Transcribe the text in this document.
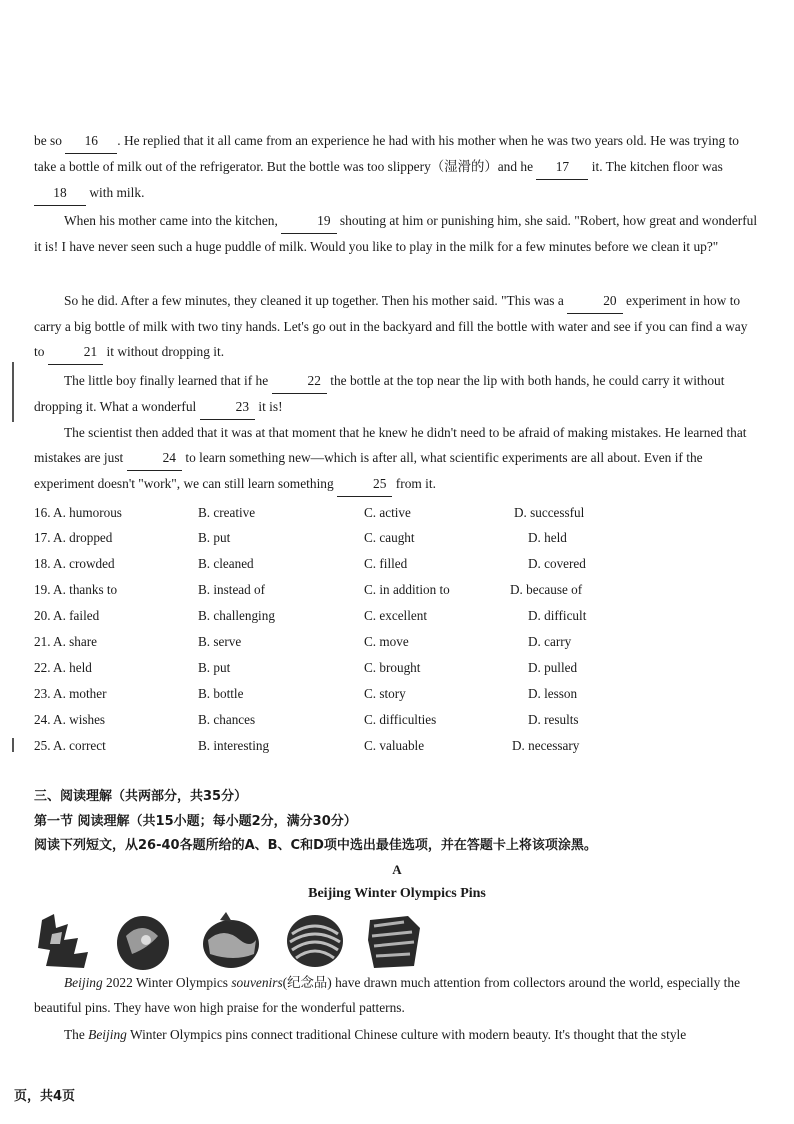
be so 16 . He replied that it all came from an experience he had with his mother when he was two years old. He was trying to take a bottle of milk out of the refrigerator. But the bottle was too slippery（湿滑的）and he 17 it. The kitchen floor was 18 with milk.

When his mother came into the kitchen,	19 shouting at him or punishing him, she said. "Robert, how great and wonderful it is! I have never seen such a huge puddle of milk. Would you like to play in the milk for a few minutes before we clean it up?"

So he did. After a few minutes, they cleaned it up together. Then his mother said. "This was a	20 experiment in how to carry a big bottle of milk with two tiny hands. Let's go out in the backyard and fill the bottle with water and see if you can find a way to	21 it without dropping it.

The little boy finally learned that if he	22 the bottle at the top near the lip with both hands, he could carry it without dropping it. What a wonderful	23 it is!

The scientist then added that it was at that moment that he knew he didn't need to be afraid of making mistakes. He learned that mistakes are just	24 to learn something new—which is after all, what scientific experiments are all about. Even if the experiment doesn't "work", we can still learn something	25 from it.

16. A. humorous	B. creative	C. active	D. successful
17. A. dropped	B. put	C. caught	D. held
18. A. crowded	B. cleaned	C. filled	D. covered
19. A. thanks to	B. instead of	C. in addition to	D. because of
20. A. failed	B. challenging	C. excellent	D. difficult
21. A. share	B. serve	C. move	D. carry
22. A. held	B. put	C. brought	D. pulled
23. A. mother	B. bottle	C. story	D. lesson
24. A. wishes	B. chances	C. difficulties	D. results
25. A. correct	B. interesting	C. valuable	D. necessary
三、阅读理解（共两部分，共35分）
第一节 阅读理解（共15小题；每小题2分，满分30分）
阅读下列短文，从26-40各题所给的A、B、C和D项中选出最佳选项，并在答题卡上将该项涂黑。
A
Beijing Winter Olympics Pins

Beijing 2022 Winter Olympics souvenirs(纪念品) have drawn much attention from collectors around the world, especially the beautiful pins. They have won high praise for the wonderful patterns.

The Beijing Winter Olympics pins connect traditional Chinese culture with modern beauty. It's thought that the style

页，共4页
